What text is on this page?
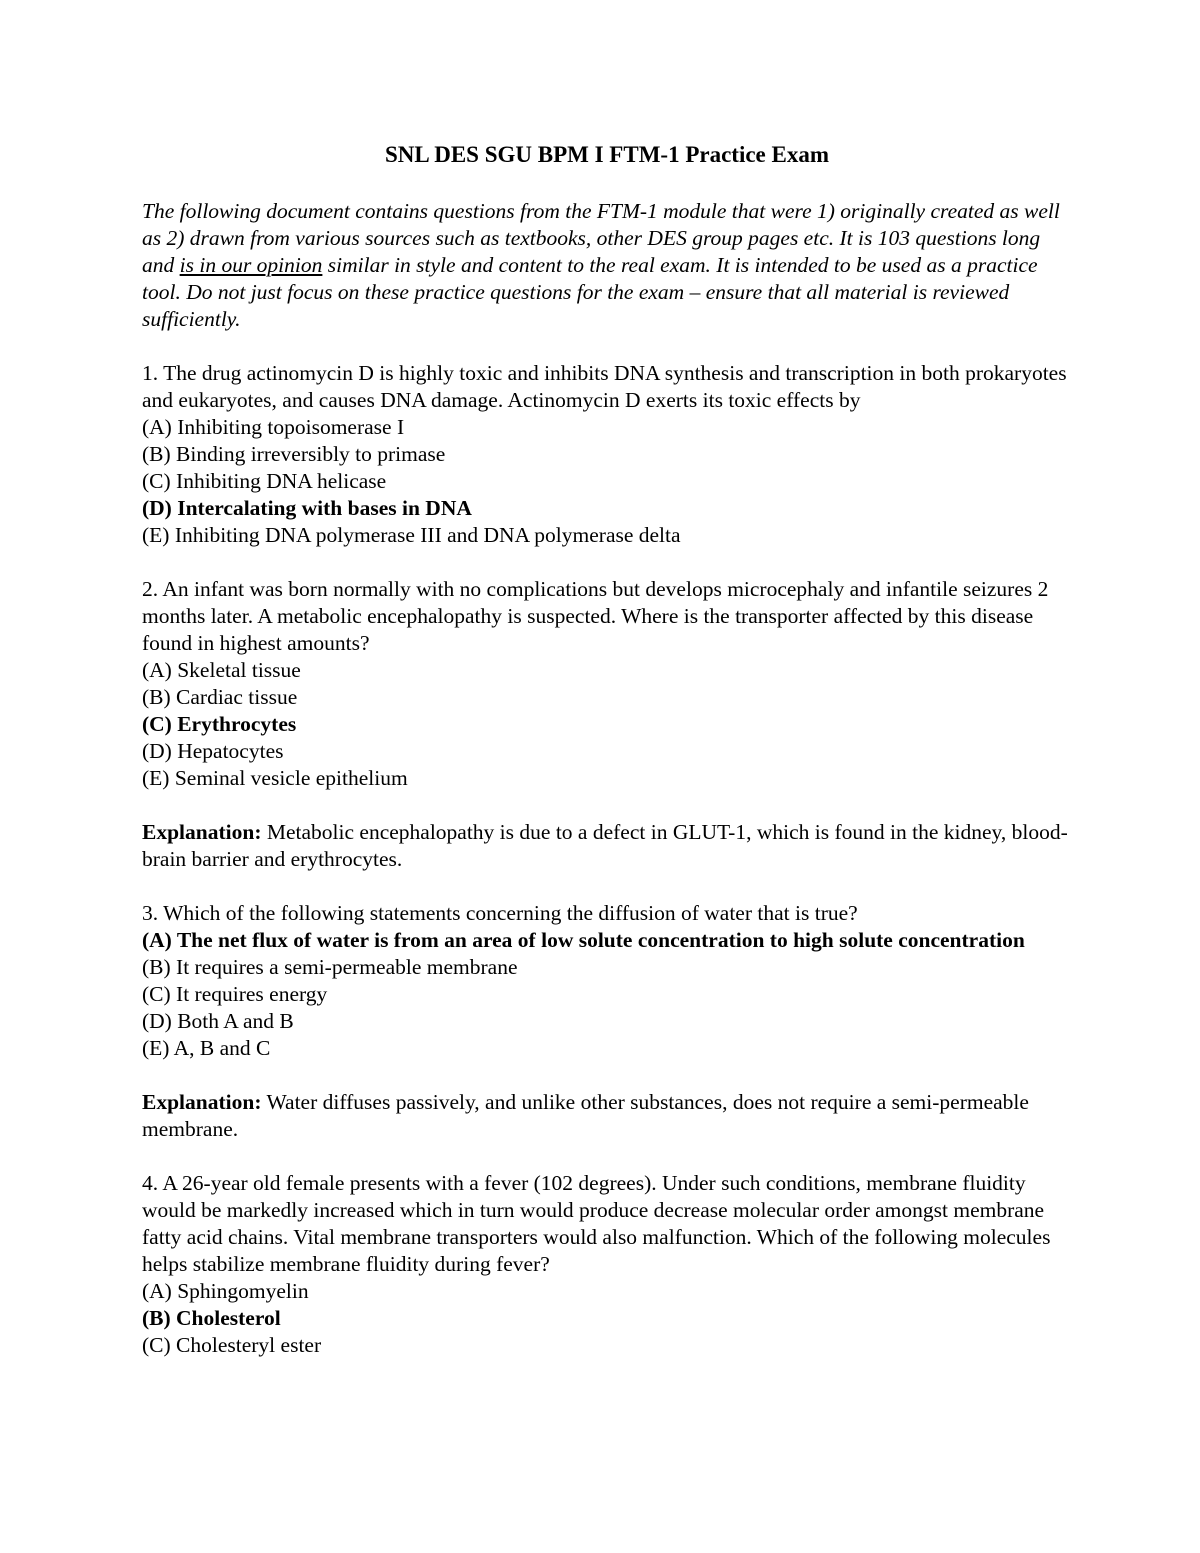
SNL DES SGU BPM I FTM-1 Practice Exam
The following document contains questions from the FTM-1 module that were 1) originally created as well as 2) drawn from various sources such as textbooks, other DES group pages etc. It is 103 questions long and is in our opinion similar in style and content to the real exam. It is intended to be used as a practice tool. Do not just focus on these practice questions for the exam – ensure that all material is reviewed sufficiently.
1. The drug actinomycin D is highly toxic and inhibits DNA synthesis and transcription in both prokaryotes and eukaryotes, and causes DNA damage. Actinomycin D exerts its toxic effects by
(A) Inhibiting topoisomerase I
(B) Binding irreversibly to primase
(C) Inhibiting DNA helicase
(D) Intercalating with bases in DNA
(E) Inhibiting DNA polymerase III and DNA polymerase delta
2. An infant was born normally with no complications but develops microcephaly and infantile seizures 2 months later. A metabolic encephalopathy is suspected. Where is the transporter affected by this disease found in highest amounts?
(A) Skeletal tissue
(B) Cardiac tissue
(C) Erythrocytes
(D) Hepatocytes
(E) Seminal vesicle epithelium
Explanation: Metabolic encephalopathy is due to a defect in GLUT-1, which is found in the kidney, blood-brain barrier and erythrocytes.
3. Which of the following statements concerning the diffusion of water that is true?
(A) The net flux of water is from an area of low solute concentration to high solute concentration
(B) It requires a semi-permeable membrane
(C) It requires energy
(D) Both A and B
(E) A, B and C
Explanation: Water diffuses passively, and unlike other substances, does not require a semi-permeable membrane.
4. A 26-year old female presents with a fever (102 degrees). Under such conditions, membrane fluidity would be markedly increased which in turn would produce decrease molecular order amongst membrane fatty acid chains. Vital membrane transporters would also malfunction. Which of the following molecules helps stabilize membrane fluidity during fever?
(A) Sphingomyelin
(B) Cholesterol
(C) Cholesteryl ester
